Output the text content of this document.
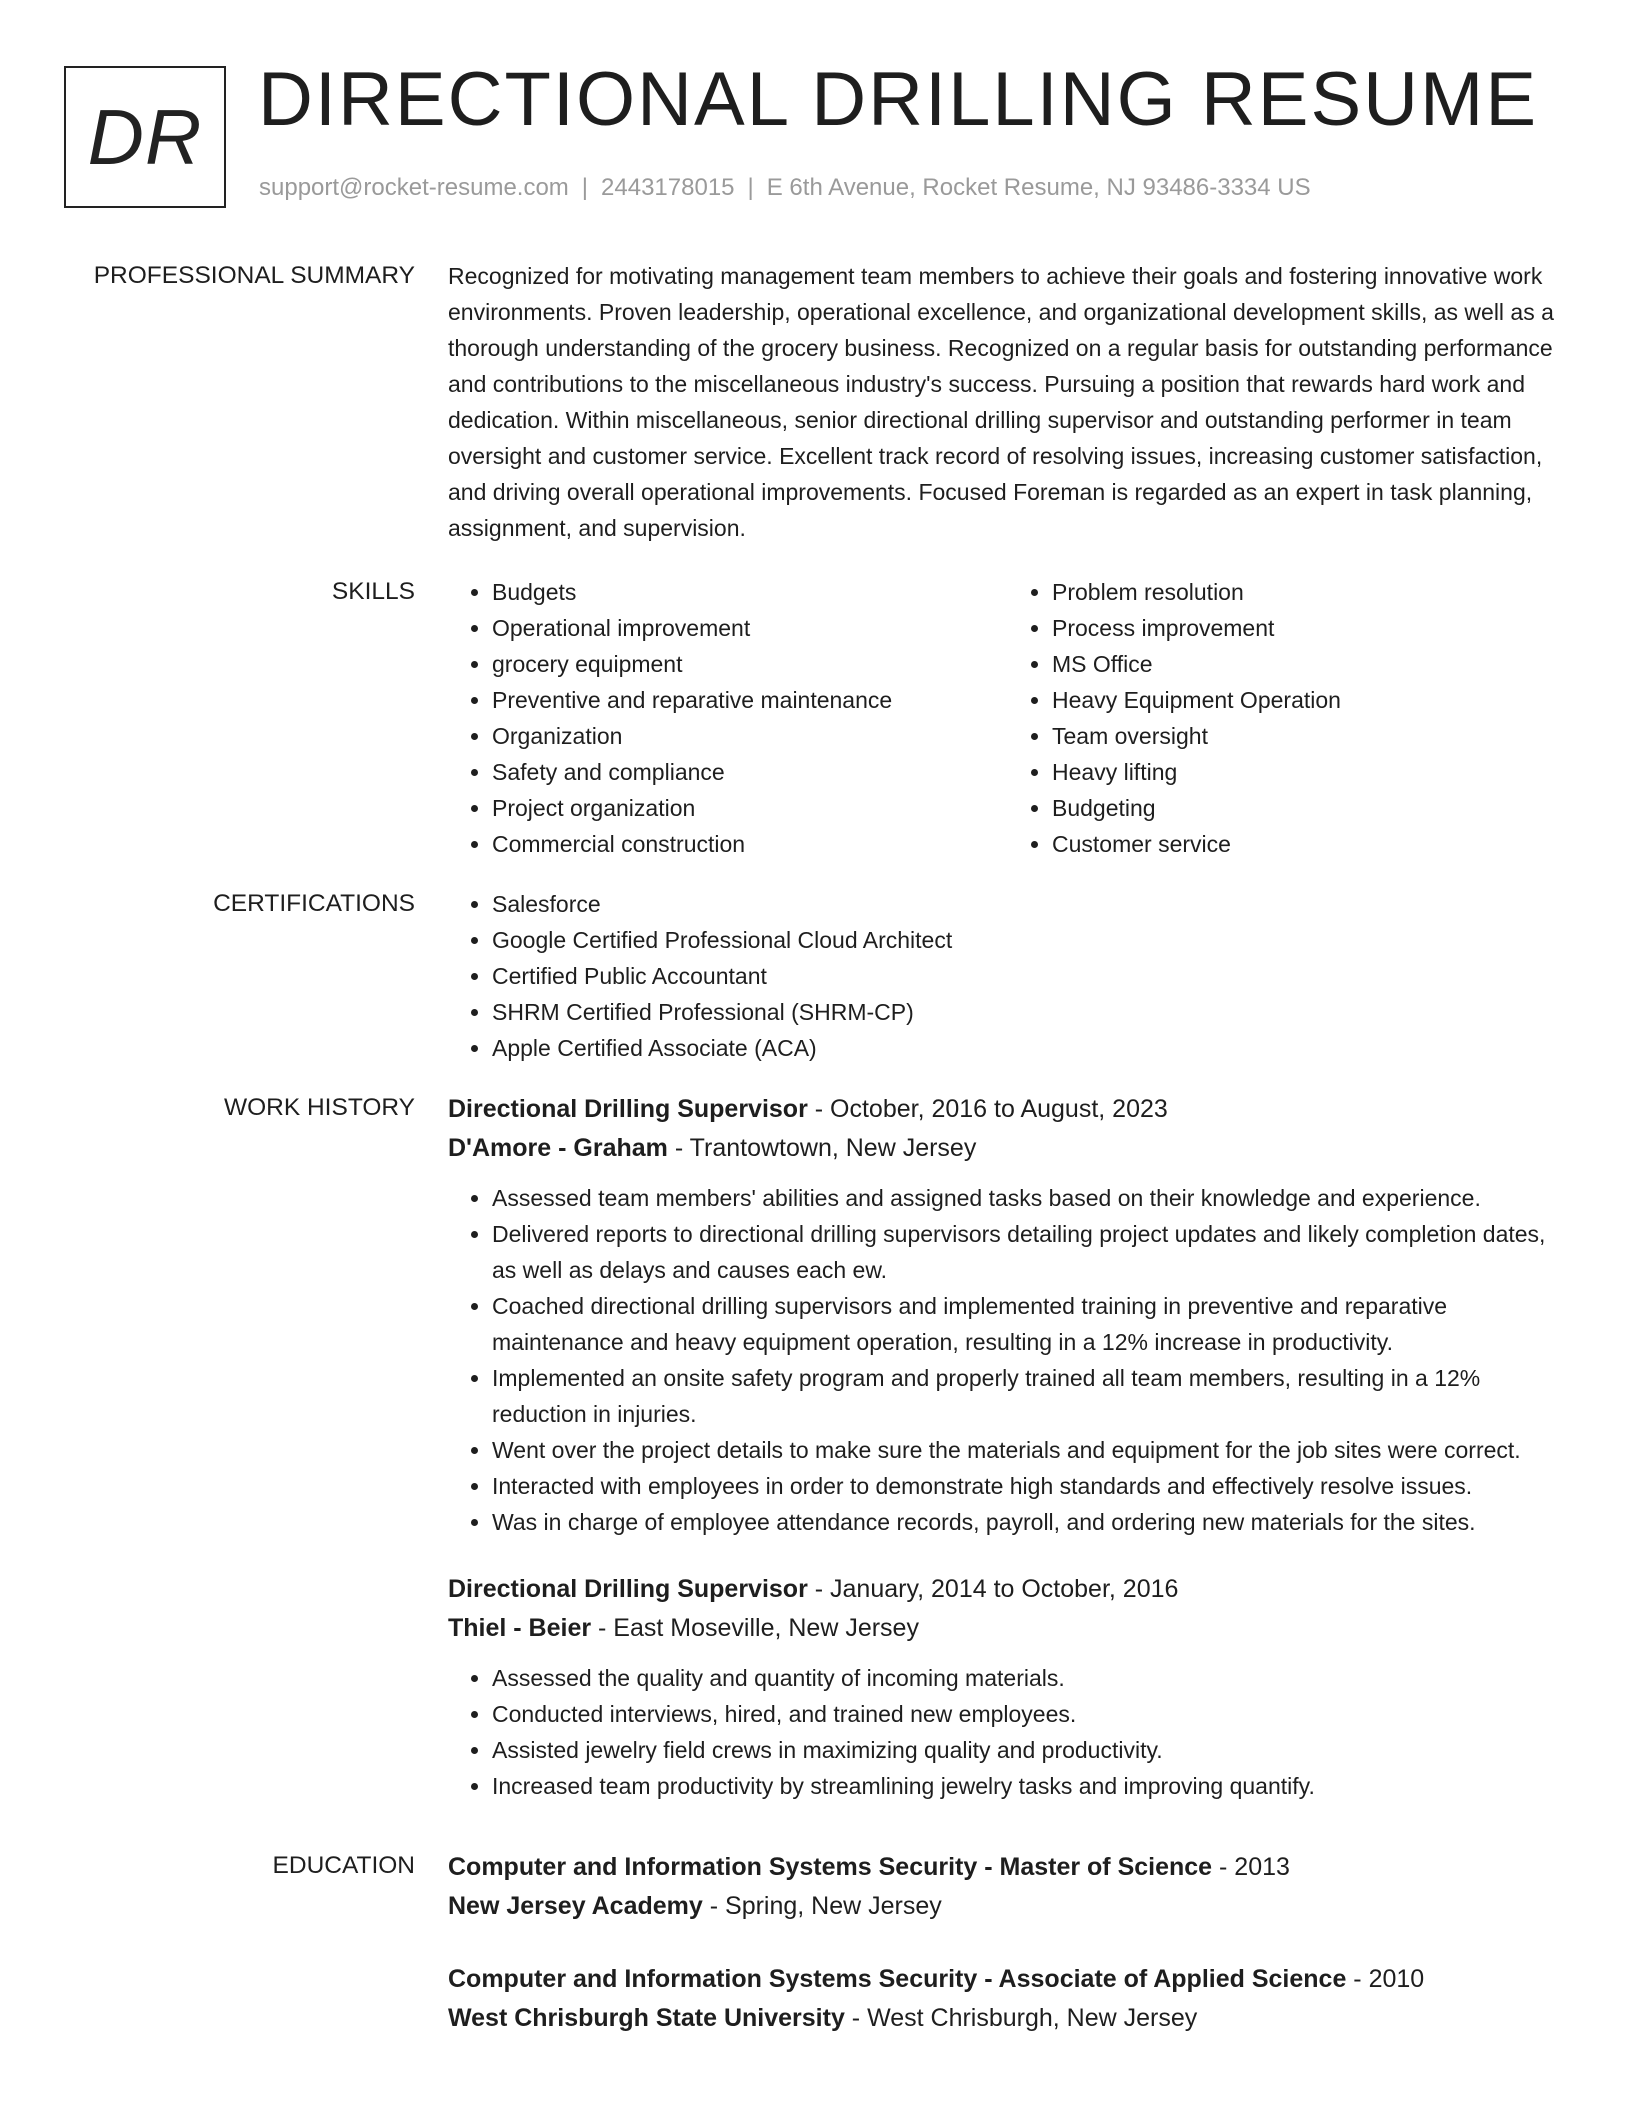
DR DIRECTIONAL DRILLING RESUME
support@rocket-resume.com | 2443178015 | E 6th Avenue, Rocket Resume, NJ 93486-3334 US
PROFESSIONAL SUMMARY Recognized for motivating management team members to achieve their goals and fostering innovative work environments. Proven leadership, operational excellence, and organizational development skills, as well as a thorough understanding of the grocery business. Recognized on a regular basis for outstanding performance and contributions to the miscellaneous industry's success. Pursuing a position that rewards hard work and dedication. Within miscellaneous, senior directional drilling supervisor and outstanding performer in team oversight and customer service. Excellent track record of resolving issues, increasing customer satisfaction, and driving overall operational improvements. Focused Foreman is regarded as an expert in task planning, assignment, and supervision.

SKILLS	• Budgets
• Operational improvement
• grocery equipment
• Preventive and reparative maintenance
• Organization
• Safety and compliance
• Project organization
• Commercial construction
• Problem resolution
• Process improvement
• MS Office
• Heavy Equipment Operation
• Team oversight
• Heavy lifting
• Budgeting
• Customer service
CERTIFICATIONS	• Salesforce
• Google Certified Professional Cloud Architect
• Certified Public Accountant
• SHRM Certified Professional (SHRM-CP)
• Apple Certified Associate (ACA)
WORK HISTORY Directional Drilling Supervisor - October, 2016 to August, 2023
D'Amore - Graham - Trantowtown, New Jersey
• Assessed team members' abilities and assigned tasks based on their knowledge and experience.
• Delivered reports to directional drilling supervisors detailing project updates and likely completion dates, as well as delays and causes each ew.
• Coached directional drilling supervisors and implemented training in preventive and reparative maintenance and heavy equipment operation, resulting in a 12% increase in productivity.
• Implemented an onsite safety program and properly trained all team members, resulting in a 12% reduction in injuries.
• Went over the project details to make sure the materials and equipment for the job sites were correct.
• Interacted with employees in order to demonstrate high standards and effectively resolve issues.
• Was in charge of employee attendance records, payroll, and ordering new materials for the sites.
Directional Drilling Supervisor - January, 2014 to October, 2016
Thiel - Beier - East Moseville, New Jersey
• Assessed the quality and quantity of incoming materials.
• Conducted interviews, hired, and trained new employees.
• Assisted jewelry field crews in maximizing quality and productivity.
• Increased team productivity by streamlining jewelry tasks and improving quantify.
EDUCATION Computer and Information Systems Security - Master of Science - 2013
New Jersey Academy - Spring, New Jersey
Computer and Information Systems Security - Associate of Applied Science - 2010
West Chrisburgh State University - West Chrisburgh, New Jersey
